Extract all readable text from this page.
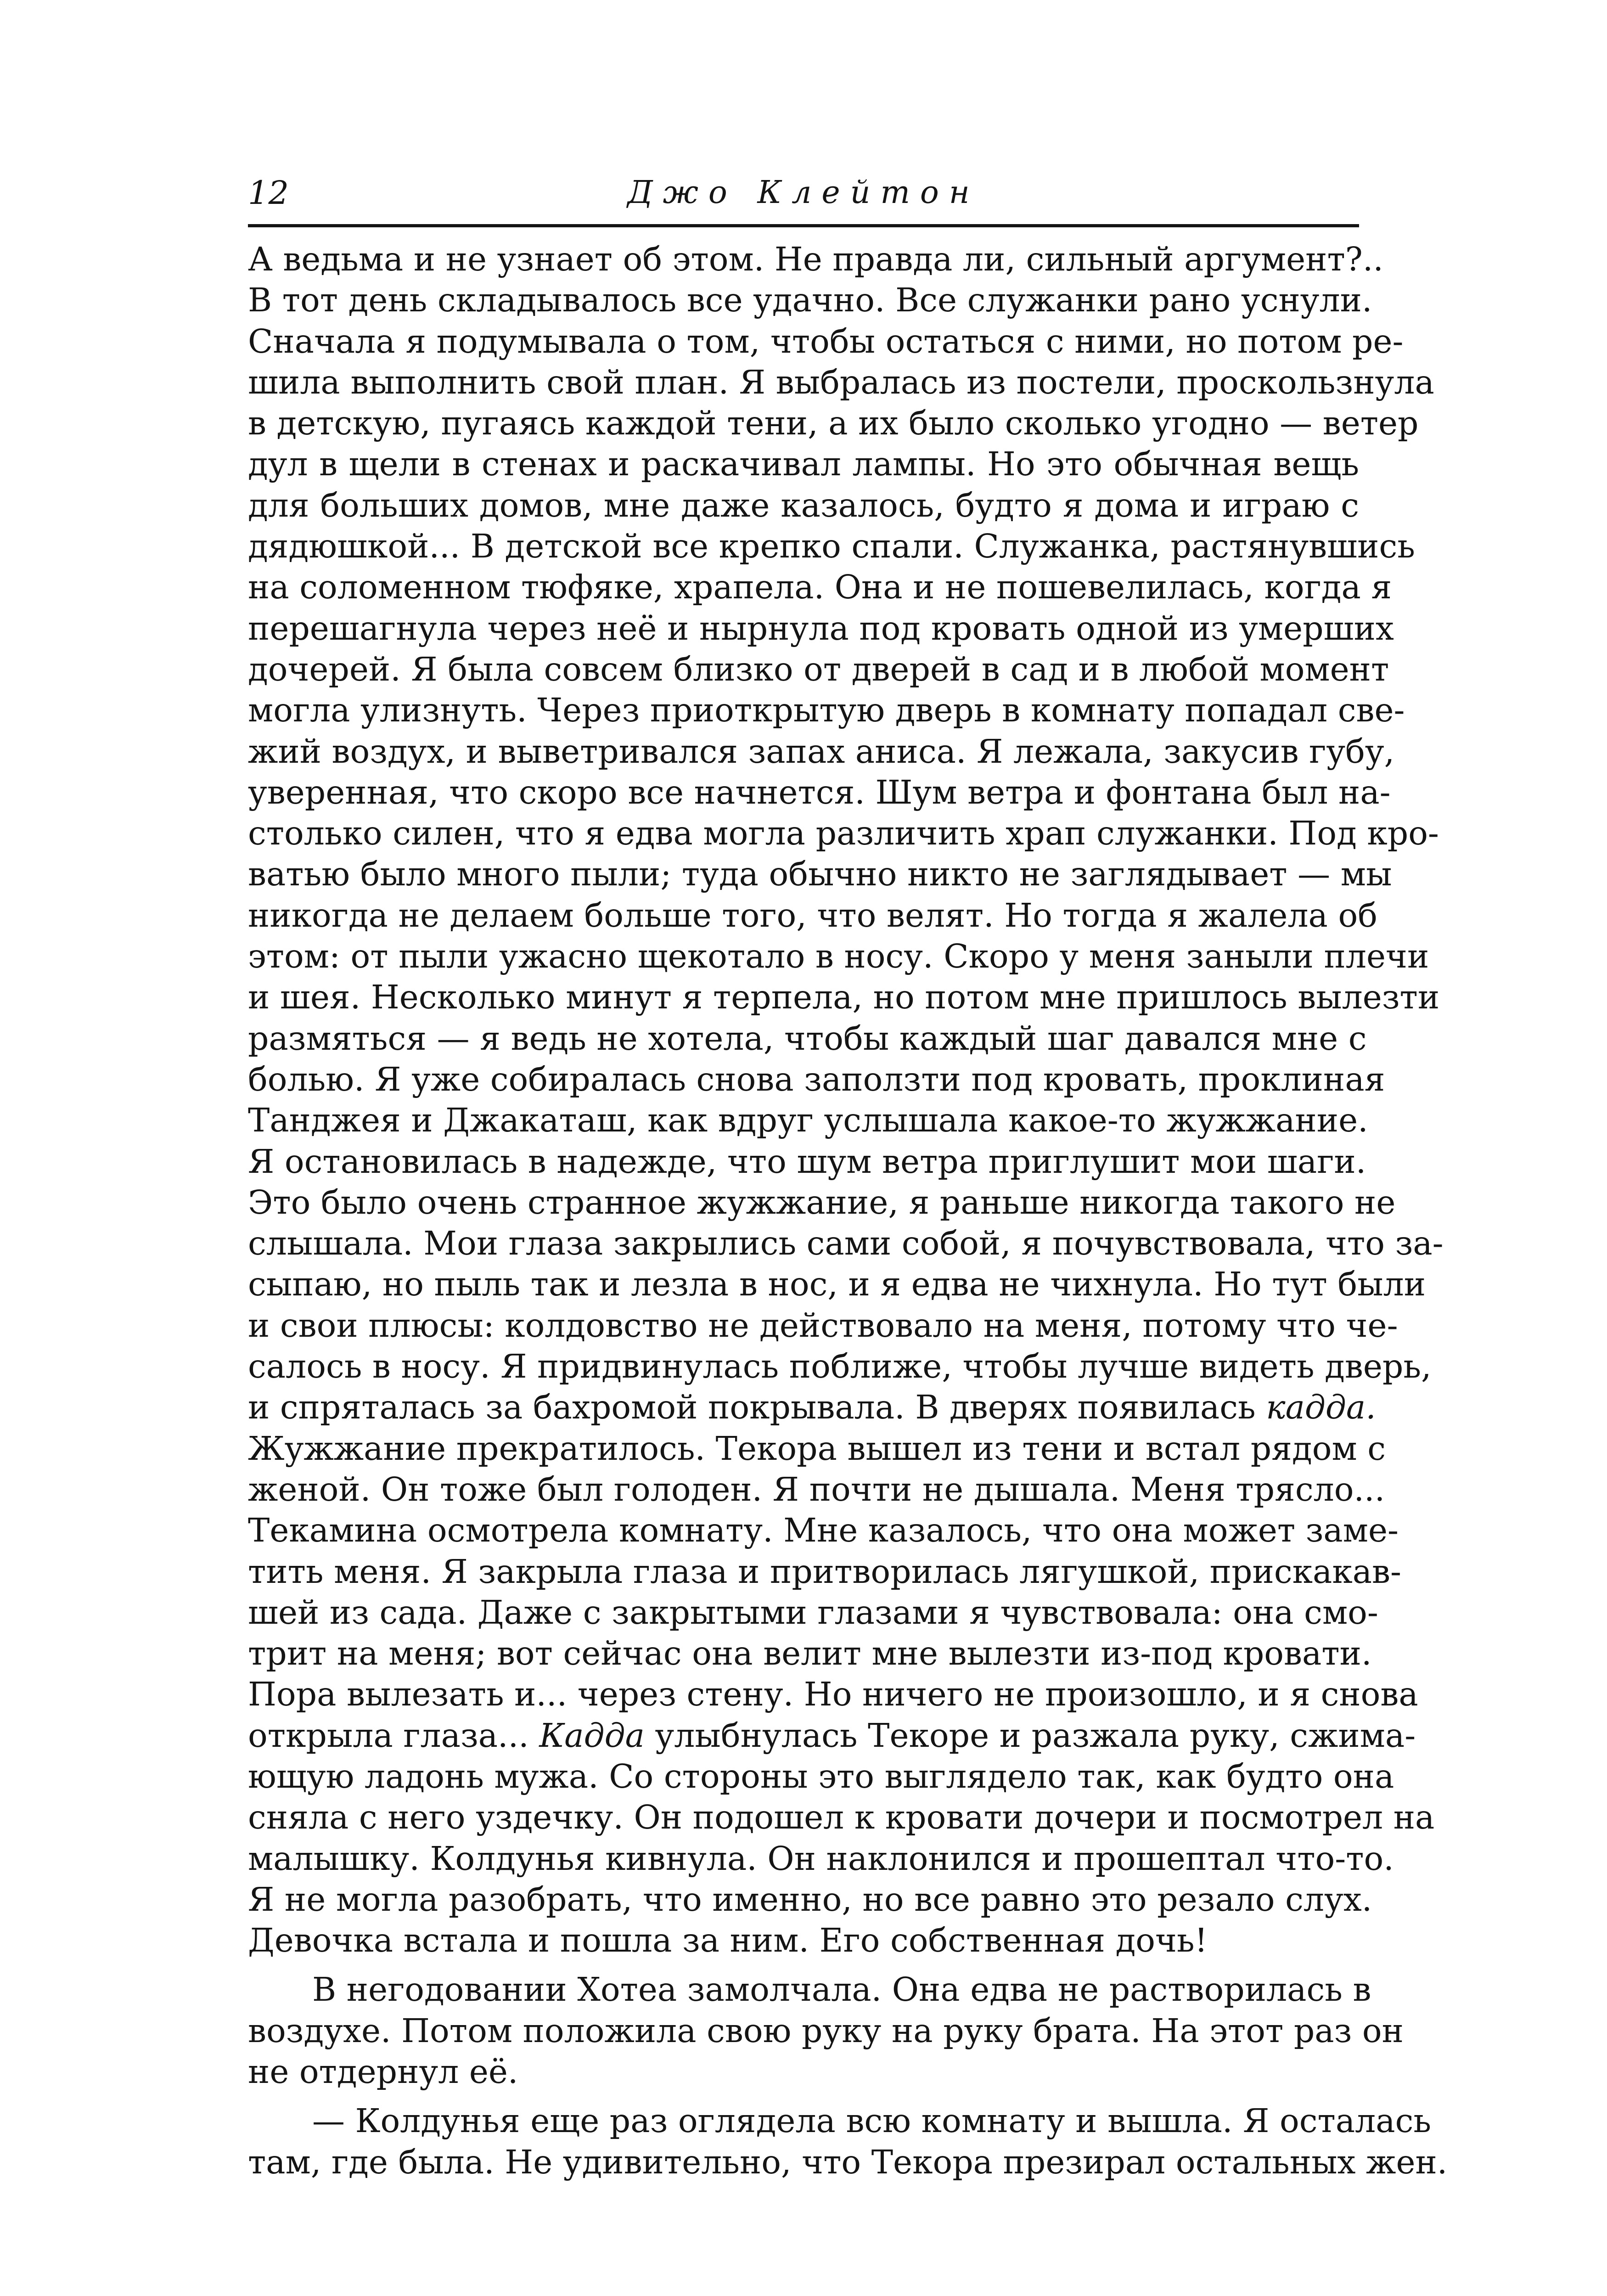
12	Джо Клейтон
А ведьма и не узнает об этом. Не правда ли, сильный аргумент?..
В тот день складывалось все удачно. Все служанки рано уснули.
Сначала я подумывала о том, чтобы остаться с ними, но потом ре-
шила выполнить свой план. Я выбралась из постели, проскользнула
в детскую, пугаясь каждой тени, а их было сколько угодно — ветер
дул в щели в стенах и раскачивал лампы. Но это обычная вещь
для больших домов, мне даже казалось, будто я дома и играю с
дядюшкой... В детской все крепко спали. Служанка, растянувшись
на соломенном тюфяке, храпела. Она и не пошевелилась, когда я
перешагнула через неё и нырнула под кровать одной из умерших
дочерей. Я была совсем близко от дверей в сад и в любой момент
могла улизнуть. Через приоткрытую дверь в комнату попадал све-
жий воздух, и выветривался запах аниса. Я лежала, закусив губу,
уверенная, что скоро все начнется. Шум ветра и фонтана был на-
столько силен, что я едва могла различить храп служанки. Под кро-
ватью было много пыли; туда обычно никто не заглядывает — мы
никогда не делаем больше того, что велят. Но тогда я жалела об
этом: от пыли ужасно щекотало в носу. Скоро у меня заныли плечи
и шея. Несколько минут я терпела, но потом мне пришлось вылезти
размяться — я ведь не хотела, чтобы каждый шаг давался мне с
болью. Я уже собиралась снова заползти под кровать, проклиная
Танджея и Джакаташ, как вдруг услышала какое-то жужжание.
Я остановилась в надежде, что шум ветра приглушит мои шаги.
Это было очень странное жужжание, я раньше никогда такого не
слышала. Мои глаза закрылись сами собой, я почувствовала, что за-
сыпаю, но пыль так и лезла в нос, и я едва не чихнула. Но тут были
и свои плюсы: колдовство не действовало на меня, потому что че-
салось в носу. Я придвинулась поближе, чтобы лучше видеть дверь,
и спряталась за бахромой покрывала. В дверях появилась кадда.
Жужжание прекратилось. Текора вышел из тени и встал рядом с
женой. Он тоже был голоден. Я почти не дышала. Меня трясло...
Текамина осмотрела комнату. Мне казалось, что она может заме-
тить меня. Я закрыла глаза и притворилась лягушкой, прискакав-
шей из сада. Даже с закрытыми глазами я чувствовала: она смо-
трит на меня; вот сейчас она велит мне вылезти из-под кровати.
Пора вылезать и... через стену. Но ничего не произошло, и я снова
открыла глаза... Кадда улыбнулась Текоре и разжала руку, сжима-
ющую ладонь мужа. Со стороны это выглядело так, как будто она
сняла с него уздечку. Он подошел к кровати дочери и посмотрел на
малышку. Колдунья кивнула. Он наклонился и прошептал что-то.
Я не могла разобрать, что именно, но все равно это резало слух.
Девочка встала и пошла за ним. Его собственная дочь!
В негодовании Хотеа замолчала. Она едва не растворилась в
воздухе. Потом положила свою руку на руку брата. На этот раз он
не отдернул её.
— Колдунья еще раз оглядела всю комнату и вышла. Я осталась
там, где была. Не удивительно, что Текора презирал остальных жен.
